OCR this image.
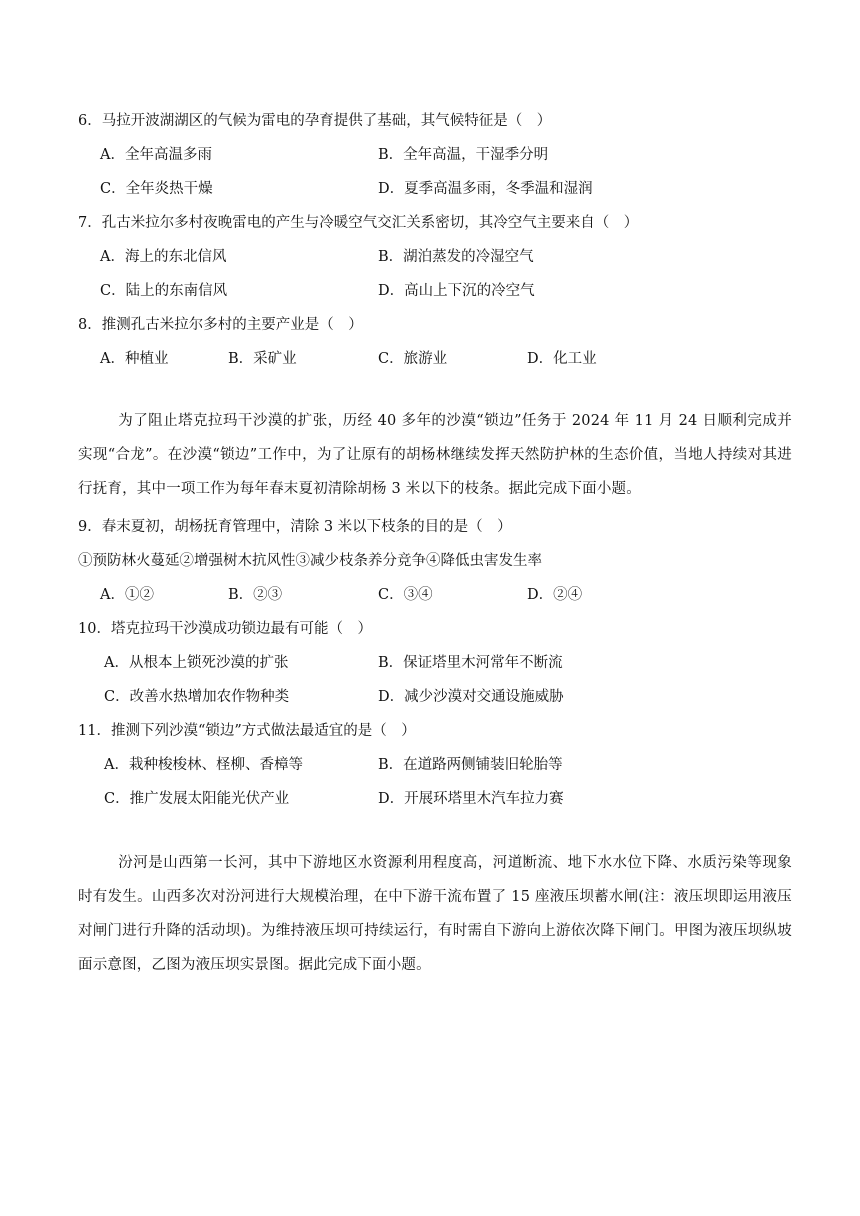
6．马拉开波湖湖区的气候为雷电的孕育提供了基础，其气候特征是（　）
A．全年高温多雨	B．全年高温，干湿季分明
C．全年炎热干燥	D．夏季高温多雨，冬季温和湿润
7．孔古米拉尔多村夜晚雷电的产生与冷暖空气交汇关系密切，其冷空气主要来自（　）
A．海上的东北信风	B．湖泊蒸发的冷湿空气
C．陆上的东南信风	D．高山上下沉的冷空气
8．推测孔古米拉尔多村的主要产业是（　）
A．种植业	B．采矿业	C．旅游业	D．化工业
为了阻止塔克拉玛干沙漠的扩张，历经 40 多年的沙漠“锁边”任务于 2024 年 11 月 24 日顺利完成并实现“合龙”。在沙漠“锁边”工作中，为了让原有的胡杨林继续发挥天然防护林的生态价值，当地人持续对其进行抚育，其中一项工作为每年春末夏初清除胡杨 3 米以下的枝条。据此完成下面小题。
9．春末夏初，胡杨抚育管理中，清除 3 米以下枝条的目的是（　）
①预防林火蔓延②增强树木抗风性③减少枝条养分竞争④降低虫害发生率
A．①②	B．②③	C．③④	D．②④
10．塔克拉玛干沙漠成功锁边最有可能（　）
A．从根本上锁死沙漠的扩张	B．保证塔里木河常年不断流
C．改善水热增加农作物种类	D．减少沙漠对交通设施威胁
11．推测下列沙漠“锁边”方式做法最适宜的是（　）
A．栽种梭梭林、柽柳、香樟等	B．在道路两侧铺装旧轮胎等
C．推广发展太阳能光伏产业	D．开展环塔里木汽车拉力赛
汾河是山西第一长河，其中下游地区水资源利用程度高，河道断流、地下水水位下降、水质污染等现象时有发生。山西多次对汾河进行大规模治理，在中下游干流布置了 15 座液压坝蓄水闸(注：液压坝即运用液压对闸门进行升降的活动坝)。为维持液压坝可持续运行，有时需自下游向上游依次降下闸门。甲图为液压坝纵坡面示意图，乙图为液压坝实景图。据此完成下面小题。
